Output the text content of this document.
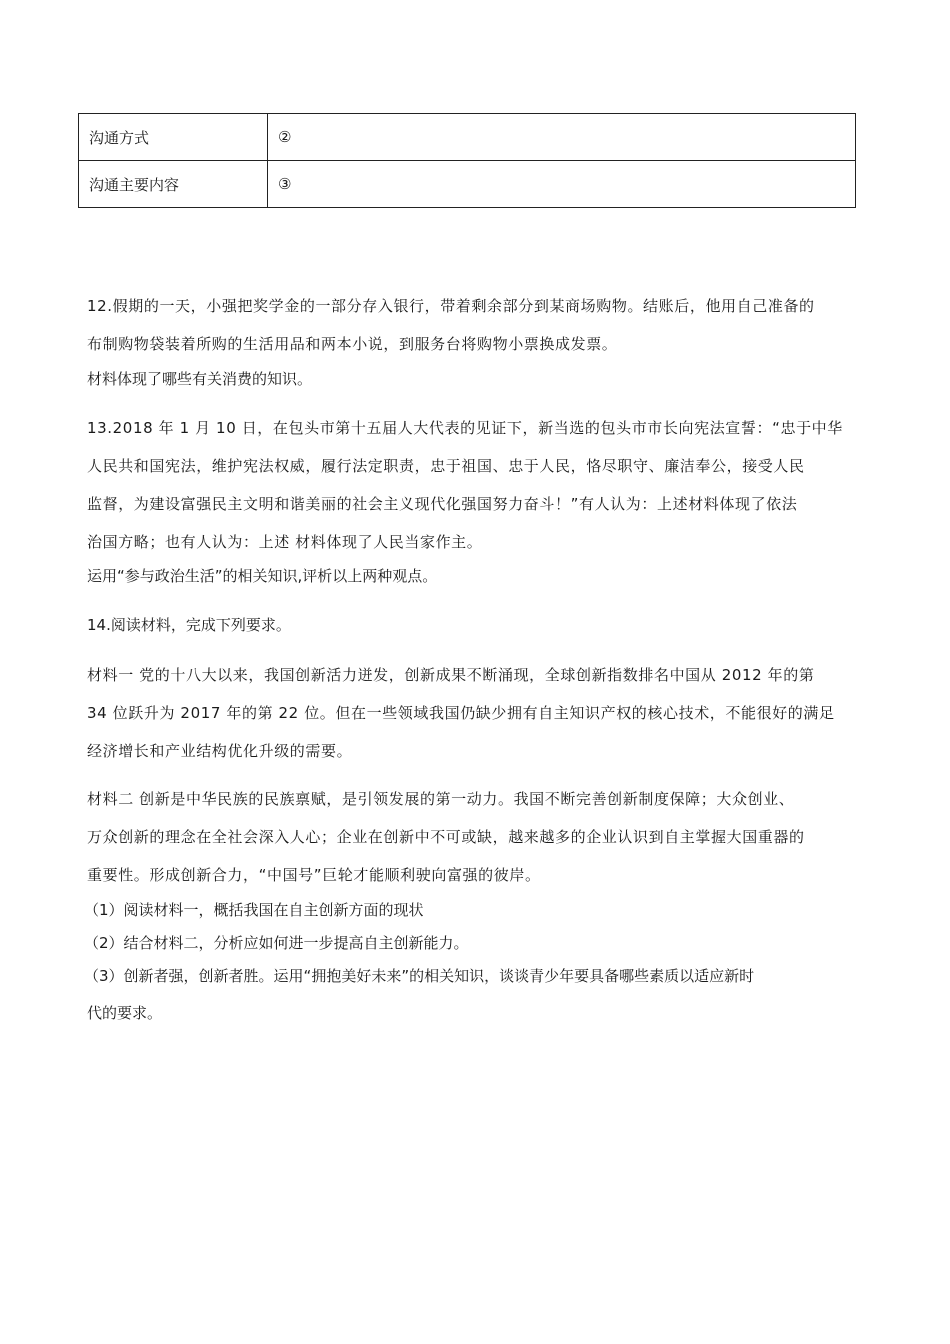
沟通方式	②
沟通主要内容	③
12.假期的一天，小强把奖学金的一部分存入银行，带着剩余部分到某商场购物。结账后，他用自己准备的
布制购物袋装着所购的生活用品和两本小说，到服务台将购物小票换成发票。
材料体现了哪些有关消费的知识。
13.2018 年 1 月 10 日，在包头市第十五届人大代表的见证下，新当选的包头市市长向宪法宣誓：“忠于中华
人民共和国宪法，维护宪法权威，履行法定职责，忠于祖国、忠于人民，恪尽职守、廉洁奉公，接受人民
监督，为建设富强民主文明和谐美丽的社会主义现代化强国努力奋斗！”有人认为：上述材料体现了依法
治国方略；也有人认为：上述 材料体现了人民当家作主。
运用“参与政治生活”的相关知识,评析以上两种观点。
14.阅读材料，完成下列要求。
材料一 党的十八大以来，我国创新活力迸发，创新成果不断涌现，全球创新指数排名中国从 2012 年的第
34 位跃升为 2017 年的第 22 位。但在一些领域我国仍缺少拥有自主知识产权的核心技术，不能很好的满足
经济增长和产业结构优化升级的需要。
材料二 创新是中华民族的民族禀赋，是引领发展的第一动力。我国不断完善创新制度保障；大众创业、
万众创新的理念在全社会深入人心；企业在创新中不可或缺，越来越多的企业认识到自主掌握大国重器的
重要性。形成创新合力，“中国号”巨轮才能顺利驶向富强的彼岸。
（1）阅读材料一，概括我国在自主创新方面的现状
（2）结合材料二，分析应如何进一步提高自主创新能力。
（3）创新者强，创新者胜。运用“拥抱美好未来”的相关知识，谈谈青少年要具备哪些素质以适应新时
代的要求。
